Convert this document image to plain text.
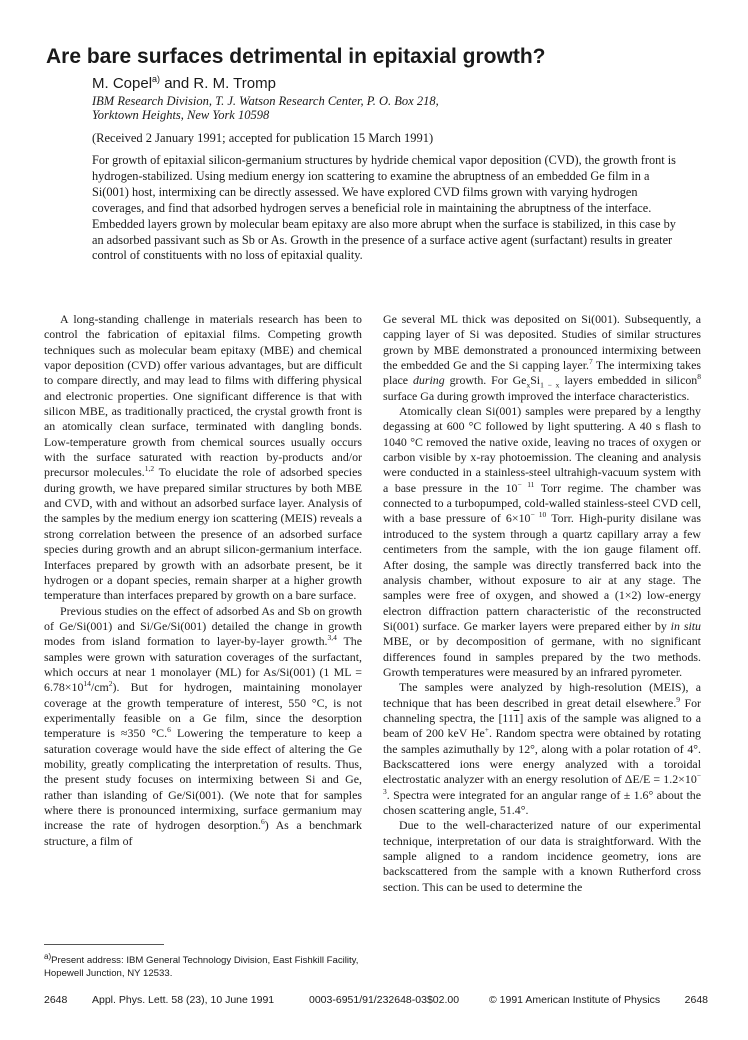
Are bare surfaces detrimental in epitaxial growth?
M. Copel$^{a)}$ and R. M. Tromp
IBM Research Division, T. J. Watson Research Center, P. O. Box 218,
Yorktown Heights, New York 10598
(Received 2 January 1991; accepted for publication 15 March 1991)
For growth of epitaxial silicon-germanium structures by hydride chemical vapor deposition (CVD), the growth front is hydrogen-stabilized. Using medium energy ion scattering to examine the abruptness of an embedded Ge film in a Si(001) host, intermixing can be directly assessed. We have explored CVD films grown with varying hydrogen coverages, and find that adsorbed hydrogen serves a beneficial role in maintaining the abruptness of the interface. Embedded layers grown by molecular beam epitaxy are also more abrupt when the surface is stabilized, in this case by an adsorbed passivant such as Sb or As. Growth in the presence of a surface active agent (surfactant) results in greater control of constituents with no loss of epitaxial quality.

A long-standing challenge in materials research has been to control the fabrication of epitaxial films. Competing growth techniques such as molecular beam epitaxy (MBE) and chemical vapor deposition (CVD) offer various advantages, but are difficult to compare directly, and may lead to films with differing physical and electronic properties. One significant difference is that with silicon MBE, as traditionally practiced, the crystal growth front is an atomically clean surface, terminated with dangling bonds. Low-temperature growth from chemical sources usually occurs with the surface saturated with reaction by-products and/or precursor molecules.$^{1,2}$ To elucidate the role of adsorbed species during growth, we have prepared similar structures by both MBE and CVD, with and without an adsorbed surface layer. Analysis of the samples by the medium energy ion scattering (MEIS) reveals a strong correlation between the presence of an adsorbed surface species during growth and an abrupt silicon-germanium interface. Interfaces prepared by growth with an adsorbate present, be it hydrogen or a dopant species, remain sharper at a higher growth temperature than interfaces prepared by growth on a bare surface.

Previous studies on the effect of adsorbed As and Sb on growth of Ge/Si(001) and Si/Ge/Si(001) detailed the change in growth modes from island formation to layer-by-layer growth.$^{3,4}$ The samples were grown with saturation coverages of the surfactant, which occurs at near 1 monolayer (ML) for As/Si(001) (1 ML = $6.78\times 10^{14}/cm^2$). But for hydrogen, maintaining monolayer coverage at the growth temperature of interest, 550 °C, is not experimentally feasible on a Ge film, since the desorption temperature is ≈350 °C.$^6$ Lowering the temperature to keep a saturation coverage would have the side effect of altering the Ge mobility, greatly complicating the interpretation of results. Thus, the present study focuses on intermixing between Si and Ge, rather than islanding of Ge/Si(001). (We note that for samples where there is pronounced intermixing, surface germanium may increase the rate of hydrogen desorption.$^6$) As a benchmark structure, a film of

$^{a)}$Present address: IBM General Technology Division, East Fishkill Facility, Hopewell Junction, NY 12533.

Ge several ML thick was deposited on Si(001). Subsequently, a capping layer of Si was deposited. Studies of similar structures grown by MBE demonstrated a pronounced intermixing between the embedded Ge and the Si capping layer.$^7$ The intermixing takes place during growth. For $Ge_xSi_{1 - x}$ layers embedded in silicon$^8$ surface Ga during growth improved the interface characteristics.

Atomically clean Si(001) samples were prepared by a lengthy degassing at 600 °C followed by light sputtering. A 40 s flash to 1040 °C removed the native oxide, leaving no traces of oxygen or carbon visible by x-ray photoemission. The cleaning and analysis were conducted in a stainless-steel ultrahigh-vacuum system with a base pressure in the $10^{- 11}$ Torr regime. The chamber was connected to a turbopumped, cold-walled stainless-steel CVD cell, with a base pressure of $6\times 10^{- 10}$ Torr. High-purity disilane was introduced to the system through a quartz capillary array a few centimeters from the sample, with the ion gauge filament off. After dosing, the sample was directly transferred back into the analysis chamber, without exposure to air at any stage. The samples were free of oxygen, and showed a (1×2) low-energy electron diffraction pattern characteristic of the reconstructed Si(001) surface. Ge marker layers were prepared either by in situ MBE, or by decomposition of germane, with no significant differences found in samples prepared by the two methods. Growth temperatures were measured by an infrared pyrometer.

The samples were analyzed by high-resolution (MEIS), a technique that has been described in great detail elsewhere.$^9$ For channeling spectra, the [111] axis of the sample was aligned to a beam of 200 keV He+. Random spectra were obtained by rotating the samples azimuthally by 12°, along with a polar rotation of 4°. Backscattered ions were energy analyzed with a toroidal electrostatic analyzer with an energy resolution of $\Delta E/E = 1.2\times 10^{- 3}$. Spectra were integrated for an angular range of ± 1.6° about the chosen scattering angle, 51.4°.

Due to the well-characterized nature of our experimental technique, interpretation of our data is straightforward. With the sample aligned to a random incidence geometry, ions are backscattered from the sample with a known Rutherford cross section. This can be used to determine the

2648 Appl. Phys. Lett. 58 (23), 10 June 1991	0003-6951/91/232648-03$02.00	© 1991 American Institute of Physics 2648
